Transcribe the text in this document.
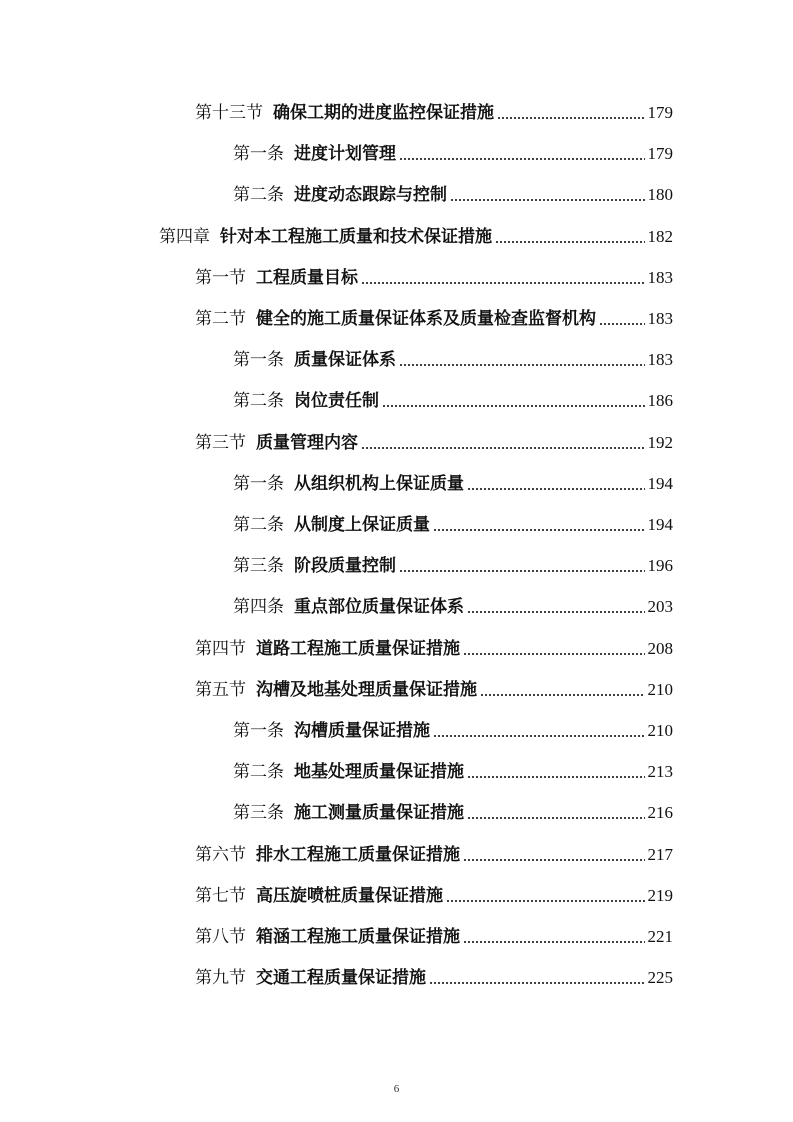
第十三节 确保工期的进度监控保证措施	179
第一条 进度计划管理	179
第二条 进度动态跟踪与控制	180
第四章 针对本工程施工质量和技术保证措施	182
第一节 工程质量目标	183
第二节 健全的施工质量保证体系及质量检查监督机构	183
第一条 质量保证体系	183
第二条 岗位责任制	186
第三节 质量管理内容	192
第一条 从组织机构上保证质量	194
第二条 从制度上保证质量	194
第三条 阶段质量控制	196
第四条 重点部位质量保证体系	203
第四节 道路工程施工质量保证措施	208
第五节 沟槽及地基处理质量保证措施	210
第一条 沟槽质量保证措施	210
第二条 地基处理质量保证措施	213
第三条 施工测量质量保证措施	216
第六节 排水工程施工质量保证措施	217
第七节 高压旋喷桩质量保证措施	219
第八节 箱涵工程施工质量保证措施	221
第九节 交通工程质量保证措施	225
6
